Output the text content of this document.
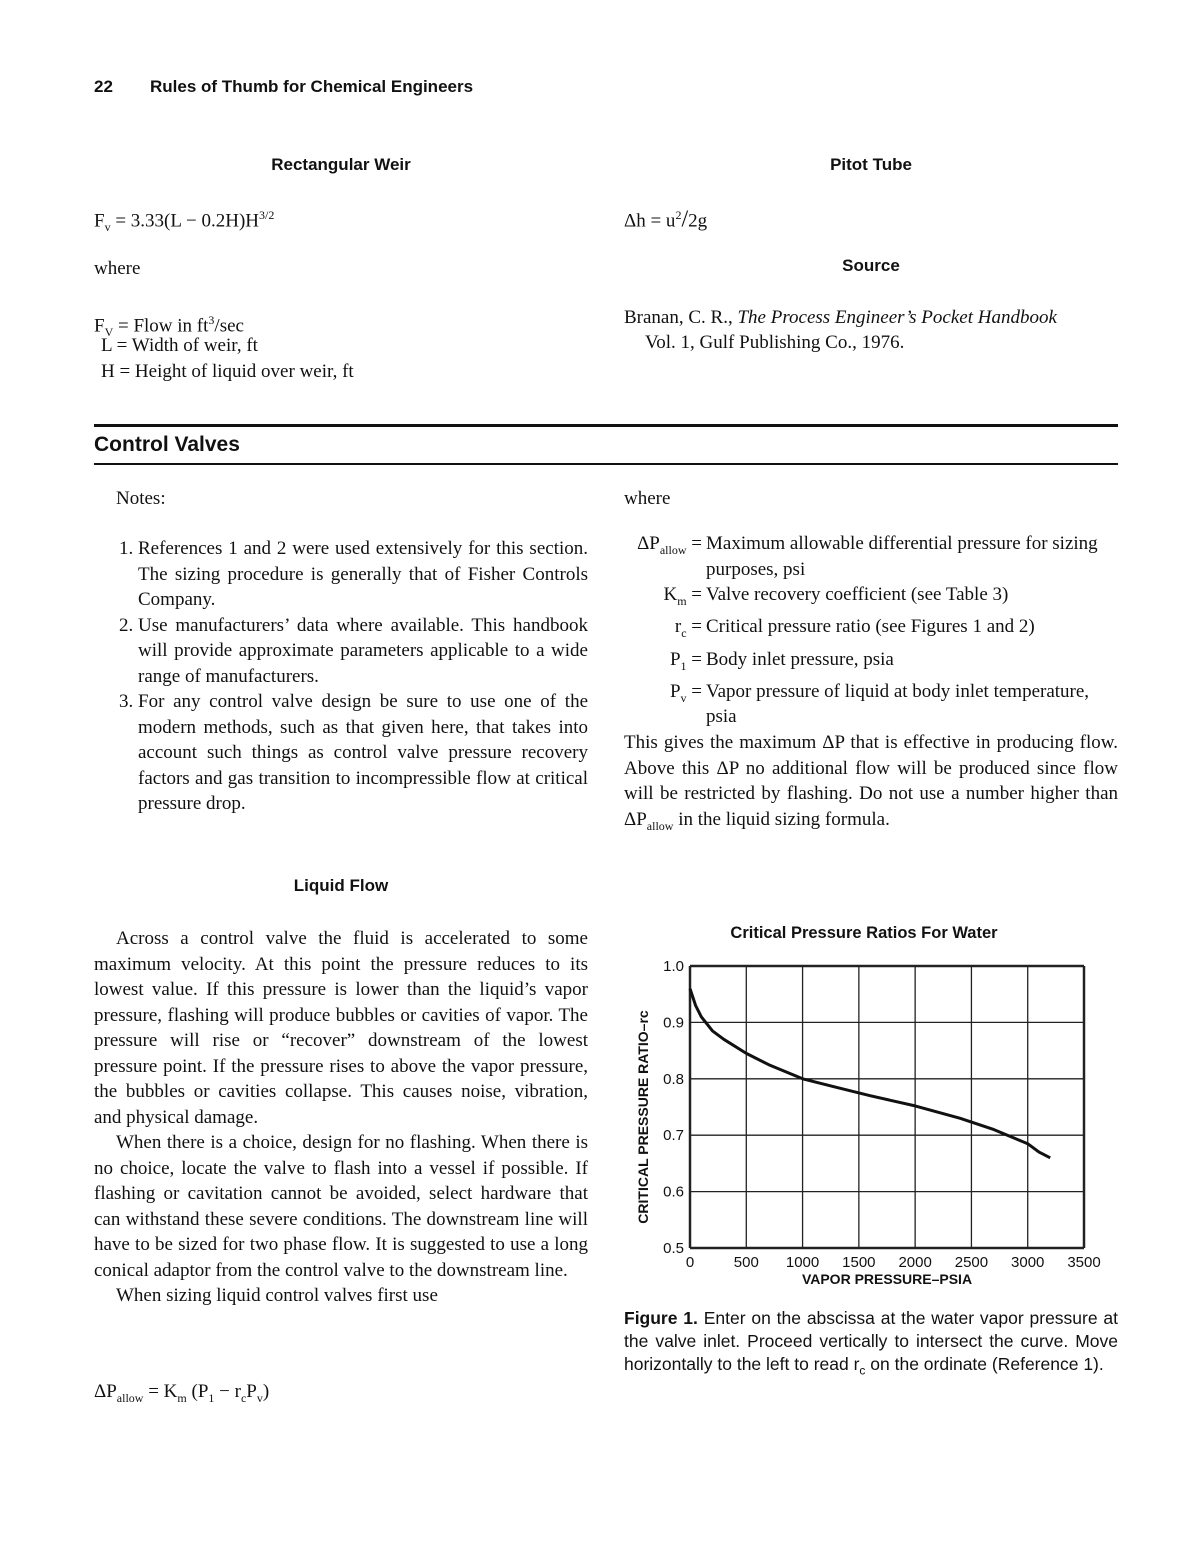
22 Rules of Thumb for Chemical Engineers
Rectangular Weir
$F_v = 3.33(L - 0.2H)H^{3/2}$
where
$F_V$ = Flow in $ft^3/\sec$
L = Width of weir, ft
H = Height of liquid over weir, ft
Pitot Tube
$\Delta h = u^2/2g$
Source
Branan, C. R., The Process Engineer’s Pocket Handbook
Vol. 1, Gulf Publishing Co., 1976.
Control Valves
Notes:
1. References 1 and 2 were used extensively for this section. The sizing procedure is generally that of Fisher Controls Company.
2. Use manufacturers’ data where available. This handbook will provide approximate parameters applicable to a wide range of manufacturers.
3. For any control valve design be sure to use one of the modern methods, such as that given here, that takes into account such things as control valve pressure recovery factors and gas transition to incompressible flow at critical pressure drop.
where
$\Delta P_{allow}$ = Maximum allowable differential pressure for sizing purposes, psi
$K_m$ = Valve recovery coefficient (see Table 3)
$r_c$ = Critical pressure ratio (see Figures 1 and 2)
$P_1$ = Body inlet pressure, psia
$P_v$ = Vapor pressure of liquid at body inlet temperature, psia
This gives the maximum ΔP that is effective in producing flow. Above this ΔP no additional flow will be produced since flow will be restricted by flashing. Do not use a number higher than $\Delta P_{allow}$ in the liquid sizing formula.
Liquid Flow
Across a control valve the fluid is accelerated to some maximum velocity. At this point the pressure reduces to its lowest value. If this pressure is lower than the liquid’s vapor pressure, flashing will produce bubbles or cavities of vapor. The pressure will rise or “recover” downstream of the lowest pressure point. If the pressure rises to above the vapor pressure, the bubbles or cavities collapse. This causes noise, vibration, and physical damage.
When there is a choice, design for no flashing. When there is no choice, locate the valve to flash into a vessel if possible. If flashing or cavitation cannot be avoided, select hardware that can withstand these severe conditions. The downstream line will have to be sized for two phase flow. It is suggested to use a long conical adaptor from the control valve to the downstream line.
When sizing liquid control valves first use
$\Delta P_{allow} = K_m$ $(P_1 - r_cP_v)$
Critical Pressure Ratios For Water
0	500 1000 1500 2000 2500 3000 3500
0.5
0.6
0.7
0.8
0.9
1.0
VAPOR PRESSURE–PSIA
CRITICAL PRESSURE RATIO–rc
Figure 1. Enter on the abscissa at the water vapor pressure at the valve inlet. Proceed vertically to intersect the curve. Move horizontally to the left to read $r_c$ on the ordinate (Reference 1).
